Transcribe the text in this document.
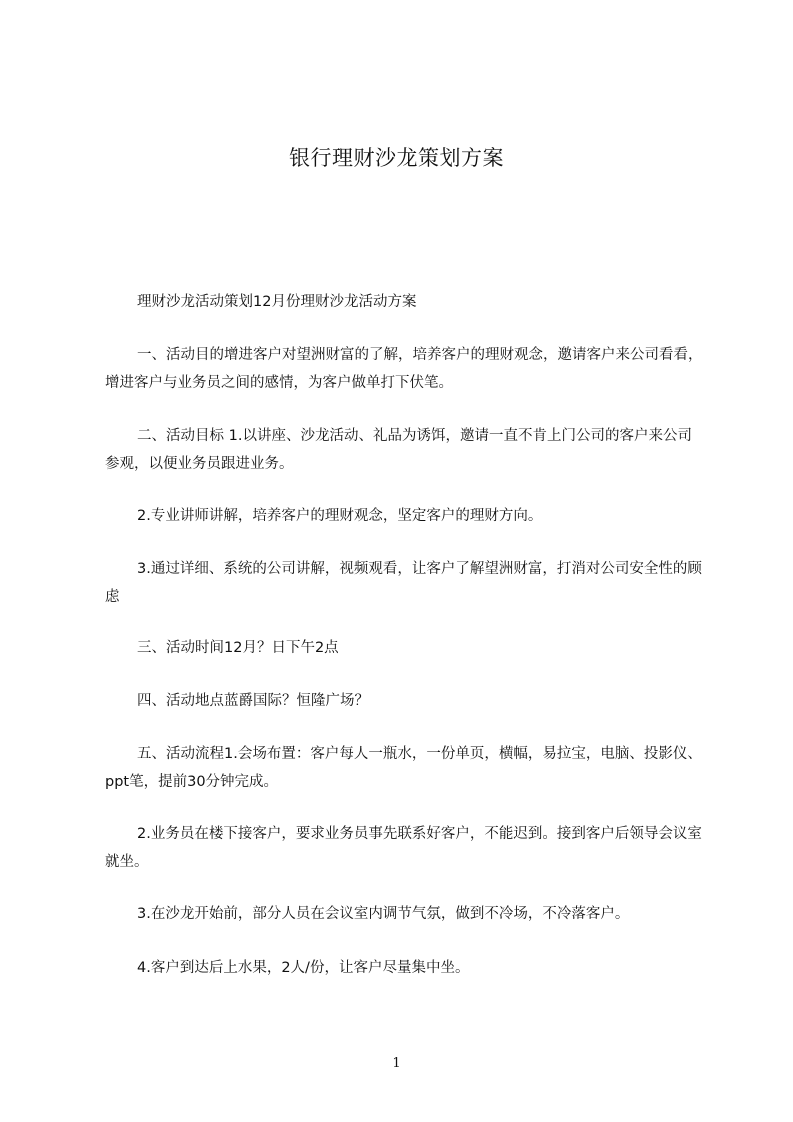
银行理财沙龙策划方案

理财沙龙活动策划12月份理财沙龙活动方案

一、活动目的增进客户对望洲财富的了解，培养客户的理财观念，邀请客户来公司看看，增进客户与业务员之间的感情，为客户做单打下伏笔。

二、活动目标 1.以讲座、沙龙活动、礼品为诱饵，邀请一直不肯上门公司的客户来公司参观，以便业务员跟进业务。

2.专业讲师讲解，培养客户的理财观念，坚定客户的理财方向。

3.通过详细、系统的公司讲解，视频观看，让客户了解望洲财富，打消对公司安全性的顾虑

三、活动时间12月？日下午2点

四、活动地点蓝爵国际？恒隆广场？

五、活动流程1.会场布置：客户每人一瓶水，一份单页，横幅，易拉宝，电脑、投影仪、ppt笔，提前30分钟完成。

2.业务员在楼下接客户，要求业务员事先联系好客户，不能迟到。接到客户后领导会议室就坐。

3.在沙龙开始前，部分人员在会议室内调节气氛，做到不冷场，不冷落客户。

4.客户到达后上水果，2人/份，让客户尽量集中坐。

1
